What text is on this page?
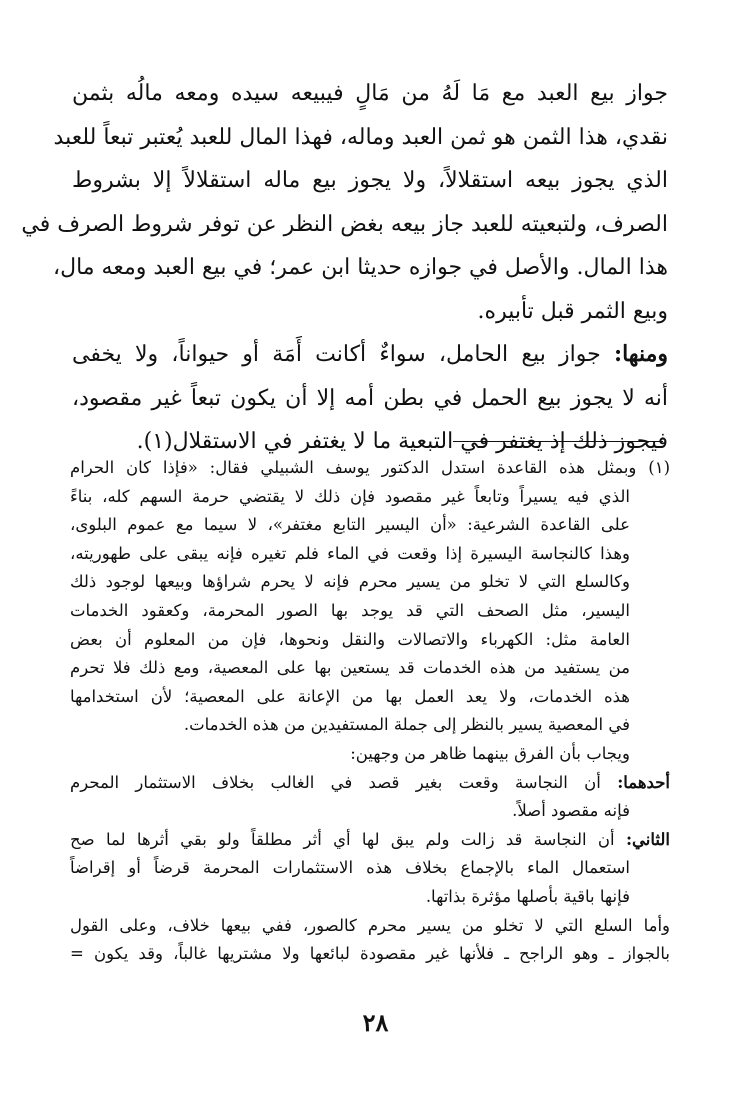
جواز بيع العبد مع مَا لَهُ من مَالٍ فيبيعه سيده ومعه مالُه بثمن
نقدي، هذا الثمن هو ثمن العبد وماله، فهذا المال للعبد يُعتبر تبعاً للعبد
الذي يجوز بيعه استقلالاً، ولا يجوز بيع ماله استقلالاً إلا بشروط
الصرف، ولتبعيته للعبد جاز بيعه بغض النظر عن توفر شروط الصرف في
هذا المال. والأصل في جوازه حديثا ابن عمر؛ في بيع العبد ومعه مال،
وبيع الثمر قبل تأبيره.

ومنها: جواز بيع الحامل، سواءٌ أكانت أَمَة أو حيواناً، ولا يخفى
أنه لا يجوز بيع الحمل في بطن أمه إلا أن يكون تبعاً غير مقصود،
فيجوز ذلك إذ يغتفر في التبعية ما لا يغتفر في الاستقلال(١).

(١) وبمثل هذه القاعدة استدل الدكتور يوسف الشبيلي فقال: «فإذا كان الحرام
الذي فيه يسيراً وتابعاً غير مقصود فإن ذلك لا يقتضي حرمة السهم كله، بناءً
على القاعدة الشرعية: «أن اليسير التابع مغتفر»، لا سيما مع عموم البلوى،
وهذا كالنجاسة اليسيرة إذا وقعت في الماء فلم تغيره فإنه يبقى على طهوريته،
وكالسلع التي لا تخلو من يسير محرم فإنه لا يحرم شراؤها وبيعها لوجود ذلك
اليسير، مثل الصحف التي قد يوجد بها الصور المحرمة، وكعقود الخدمات
العامة مثل: الكهرباء والاتصالات والنقل ونحوها، فإن من المعلوم أن بعض
من يستفيد من هذه الخدمات قد يستعين بها على المعصية، ومع ذلك فلا تحرم
هذه الخدمات، ولا يعد العمل بها من الإعانة على المعصية؛ لأن استخدامها
في المعصية يسير بالنظر إلى جملة المستفيدين من هذه الخدمات.
ويجاب بأن الفرق بينهما ظاهر من وجهين:
أحدهما: أن النجاسة وقعت بغير قصد في الغالب بخلاف الاستثمار المحرم
فإنه مقصود أصلاً.
الثاني: أن النجاسة قد زالت ولم يبق لها أي أثر مطلقاً ولو بقي أثرها لما صح
استعمال الماء بالإجماع بخلاف هذه الاستثمارات المحرمة قرضاً أو إقراضاً
فإنها باقية بأصلها مؤثرة بذاتها.
وأما السلع التي لا تخلو من يسير محرم كالصور، ففي بيعها خلاف، وعلى القول
بالجواز ـ وهو الراجح ـ فلأنها غير مقصودة لبائعها ولا مشتريها غالباً، وقد يكون =
٢٨
